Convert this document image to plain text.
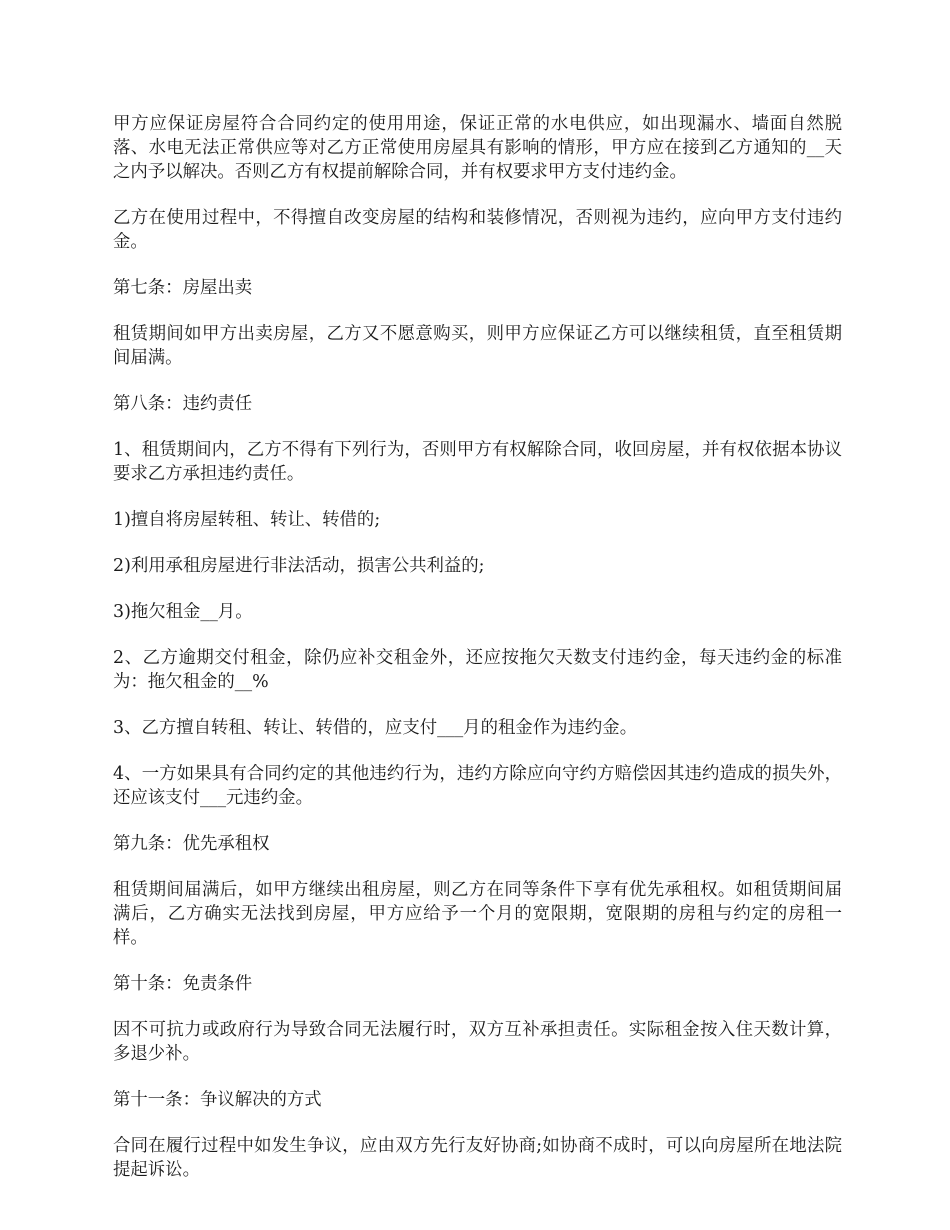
甲方应保证房屋符合合同约定的使用用途，保证正常的水电供应，如出现漏水、墙面自然脱落、水电无法正常供应等对乙方正常使用房屋具有影响的情形，甲方应在接到乙方通知的__天之内予以解决。否则乙方有权提前解除合同，并有权要求甲方支付违约金。

乙方在使用过程中，不得擅自改变房屋的结构和装修情况，否则视为违约，应向甲方支付违约金。

第七条：房屋出卖

租赁期间如甲方出卖房屋，乙方又不愿意购买，则甲方应保证乙方可以继续租赁，直至租赁期间届满。

第八条：违约责任

1、租赁期间内，乙方不得有下列行为，否则甲方有权解除合同，收回房屋，并有权依据本协议要求乙方承担违约责任。

1)擅自将房屋转租、转让、转借的;

2)利用承租房屋进行非法活动，损害公共利益的;

3)拖欠租金__月。

2、乙方逾期交付租金，除仍应补交租金外，还应按拖欠天数支付违约金，每天违约金的标准为：拖欠租金的__%

3、乙方擅自转租、转让、转借的，应支付___月的租金作为违约金。

4、一方如果具有合同约定的其他违约行为，违约方除应向守约方赔偿因其违约造成的损失外，还应该支付___元违约金。

第九条：优先承租权

租赁期间届满后，如甲方继续出租房屋，则乙方在同等条件下享有优先承租权。如租赁期间届满后，乙方确实无法找到房屋，甲方应给予一个月的宽限期，宽限期的房租与约定的房租一样。

第十条：免责条件

因不可抗力或政府行为导致合同无法履行时，双方互补承担责任。实际租金按入住天数计算，多退少补。

第十一条：争议解决的方式

合同在履行过程中如发生争议，应由双方先行友好协商;如协商不成时，可以向房屋所在地法院提起诉讼。
